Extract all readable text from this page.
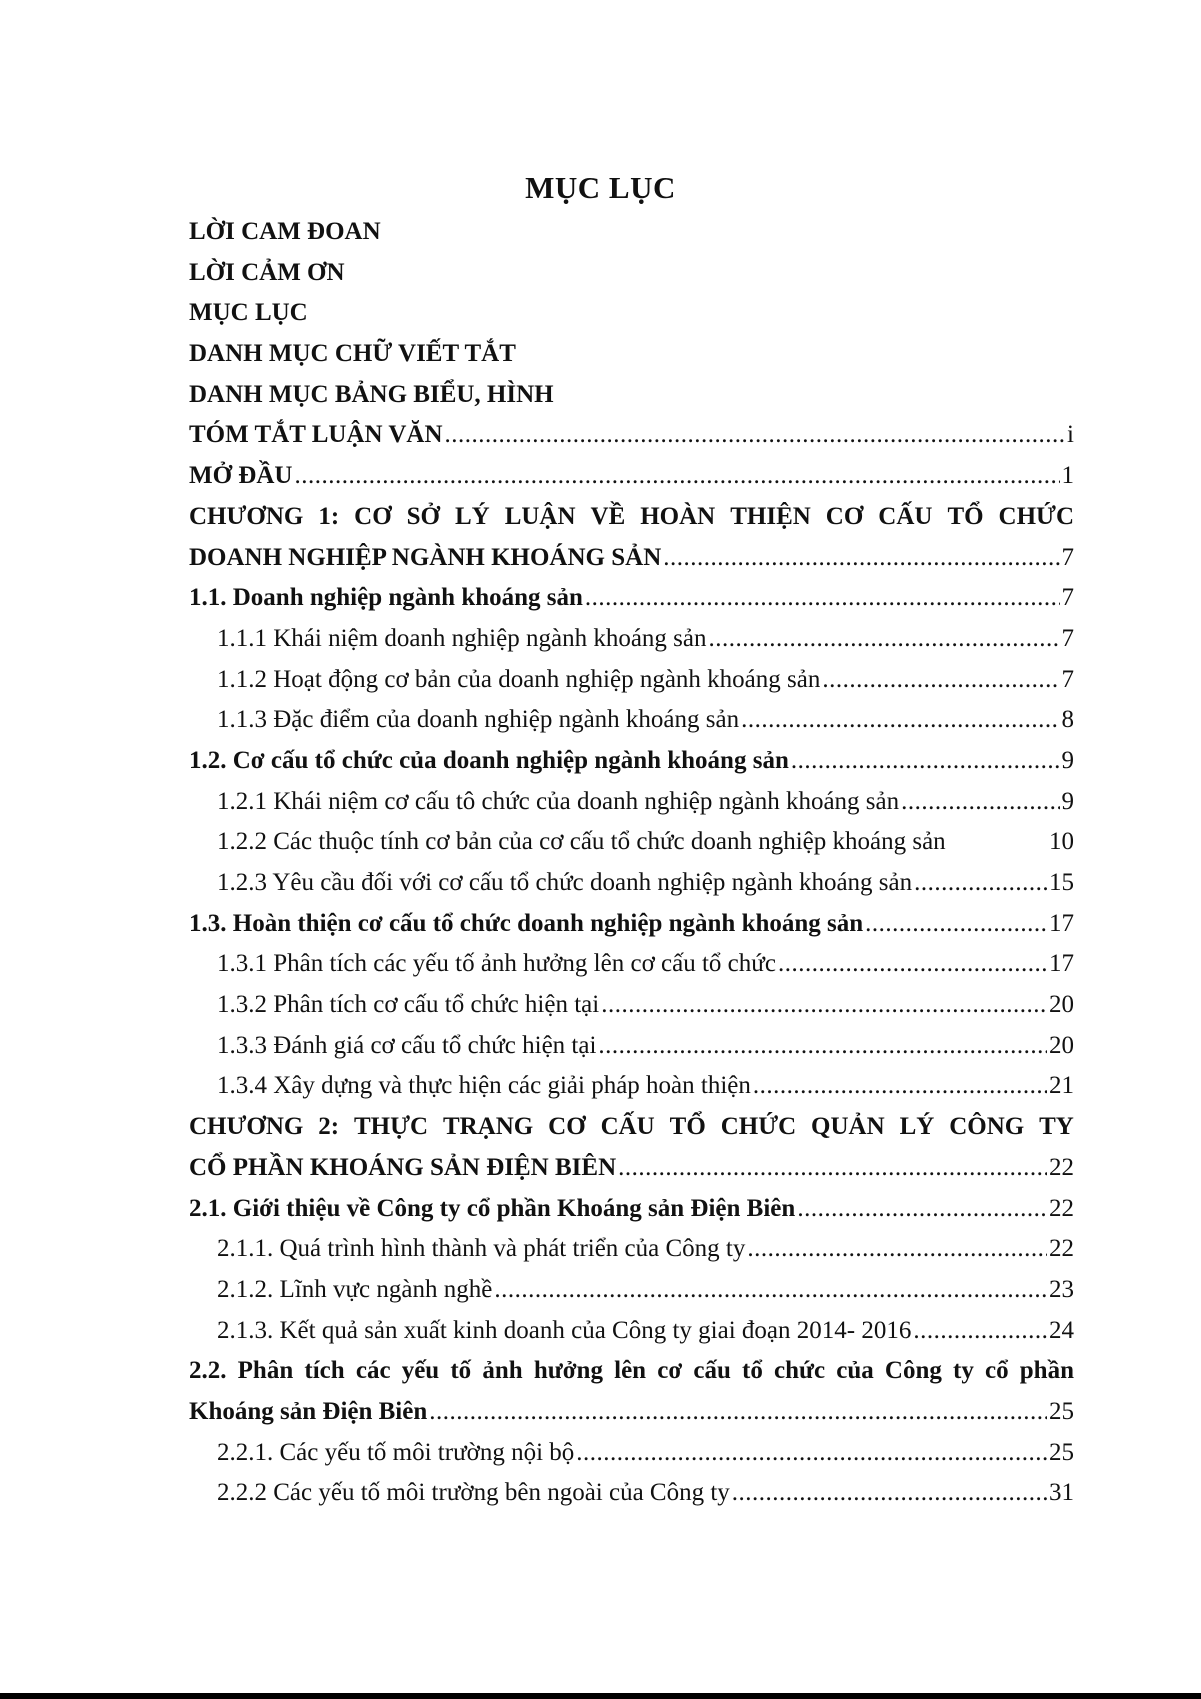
MỤC LỤC
LỜI CAM ĐOAN
LỜI CẢM ƠN
MỤC LỤC
DANH MỤC CHỮ VIẾT TẮT
DANH MỤC BẢNG BIỂU, HÌNH
TÓM TẮT LUẬN VĂN .....	i
MỞ ĐẦU .....	1
CHƯƠNG 1: CƠ SỞ LÝ LUẬN VỀ HOÀN THIỆN CƠ CẤU TỔ CHỨC
DOANH NGHIỆP NGÀNH KHOÁNG SẢN .....	7
1.1. Doanh nghiệp ngành khoáng sản .....	7
1.1.1 Khái niệm doanh nghiệp ngành khoáng sản .....	7
1.1.2 Hoạt động cơ bản của doanh nghiệp ngành khoáng sản .....	7
1.1.3 Đặc điểm của doanh nghiệp ngành khoáng sản .....	8
1.2. Cơ cấu tổ chức của doanh nghiệp ngành khoáng sản .....	9
1.2.1 Khái niệm cơ cấu tô chức của doanh nghiệp ngành khoáng sản .....	9
1.2.2 Các thuộc tính cơ bản của cơ cấu tổ chức doanh nghiệp khoáng sản	10
1.2.3 Yêu cầu đối với cơ cấu tổ chức doanh nghiệp ngành khoáng sản .....	15
1.3. Hoàn thiện cơ cấu tổ chức doanh nghiệp ngành khoáng sản .....	17
1.3.1 Phân tích các yếu tố ảnh hưởng lên cơ cấu tổ chức .....	17
1.3.2 Phân tích cơ cấu tổ chức hiện tại .....	20
1.3.3 Đánh giá cơ cấu tổ chức hiện tại .....	20
1.3.4 Xây dựng và thực hiện các giải pháp hoàn thiện .....	21
CHƯƠNG 2: THỰC TRẠNG CƠ CẤU TỔ CHỨC QUẢN LÝ CÔNG TY
CỔ PHẦN KHOÁNG SẢN ĐIỆN BIÊN .....	22
2.1. Giới thiệu về Công ty cổ phần Khoáng sản Điện Biên .....	22
2.1.1. Quá trình hình thành và phát triển của Công ty .....	22
2.1.2. Lĩnh vực ngành nghề .....	23
2.1.3. Kết quả sản xuất kinh doanh của Công ty giai đoạn 2014- 2016 .....	24
2.2. Phân tích các yếu tố ảnh hưởng lên cơ cấu tổ chức của Công ty cổ phần
Khoáng sản Điện Biên .....	25
2.2.1. Các yếu tố môi trường nội bộ .....	25
2.2.2 Các yếu tố môi trường bên ngoài của Công ty .....	31
